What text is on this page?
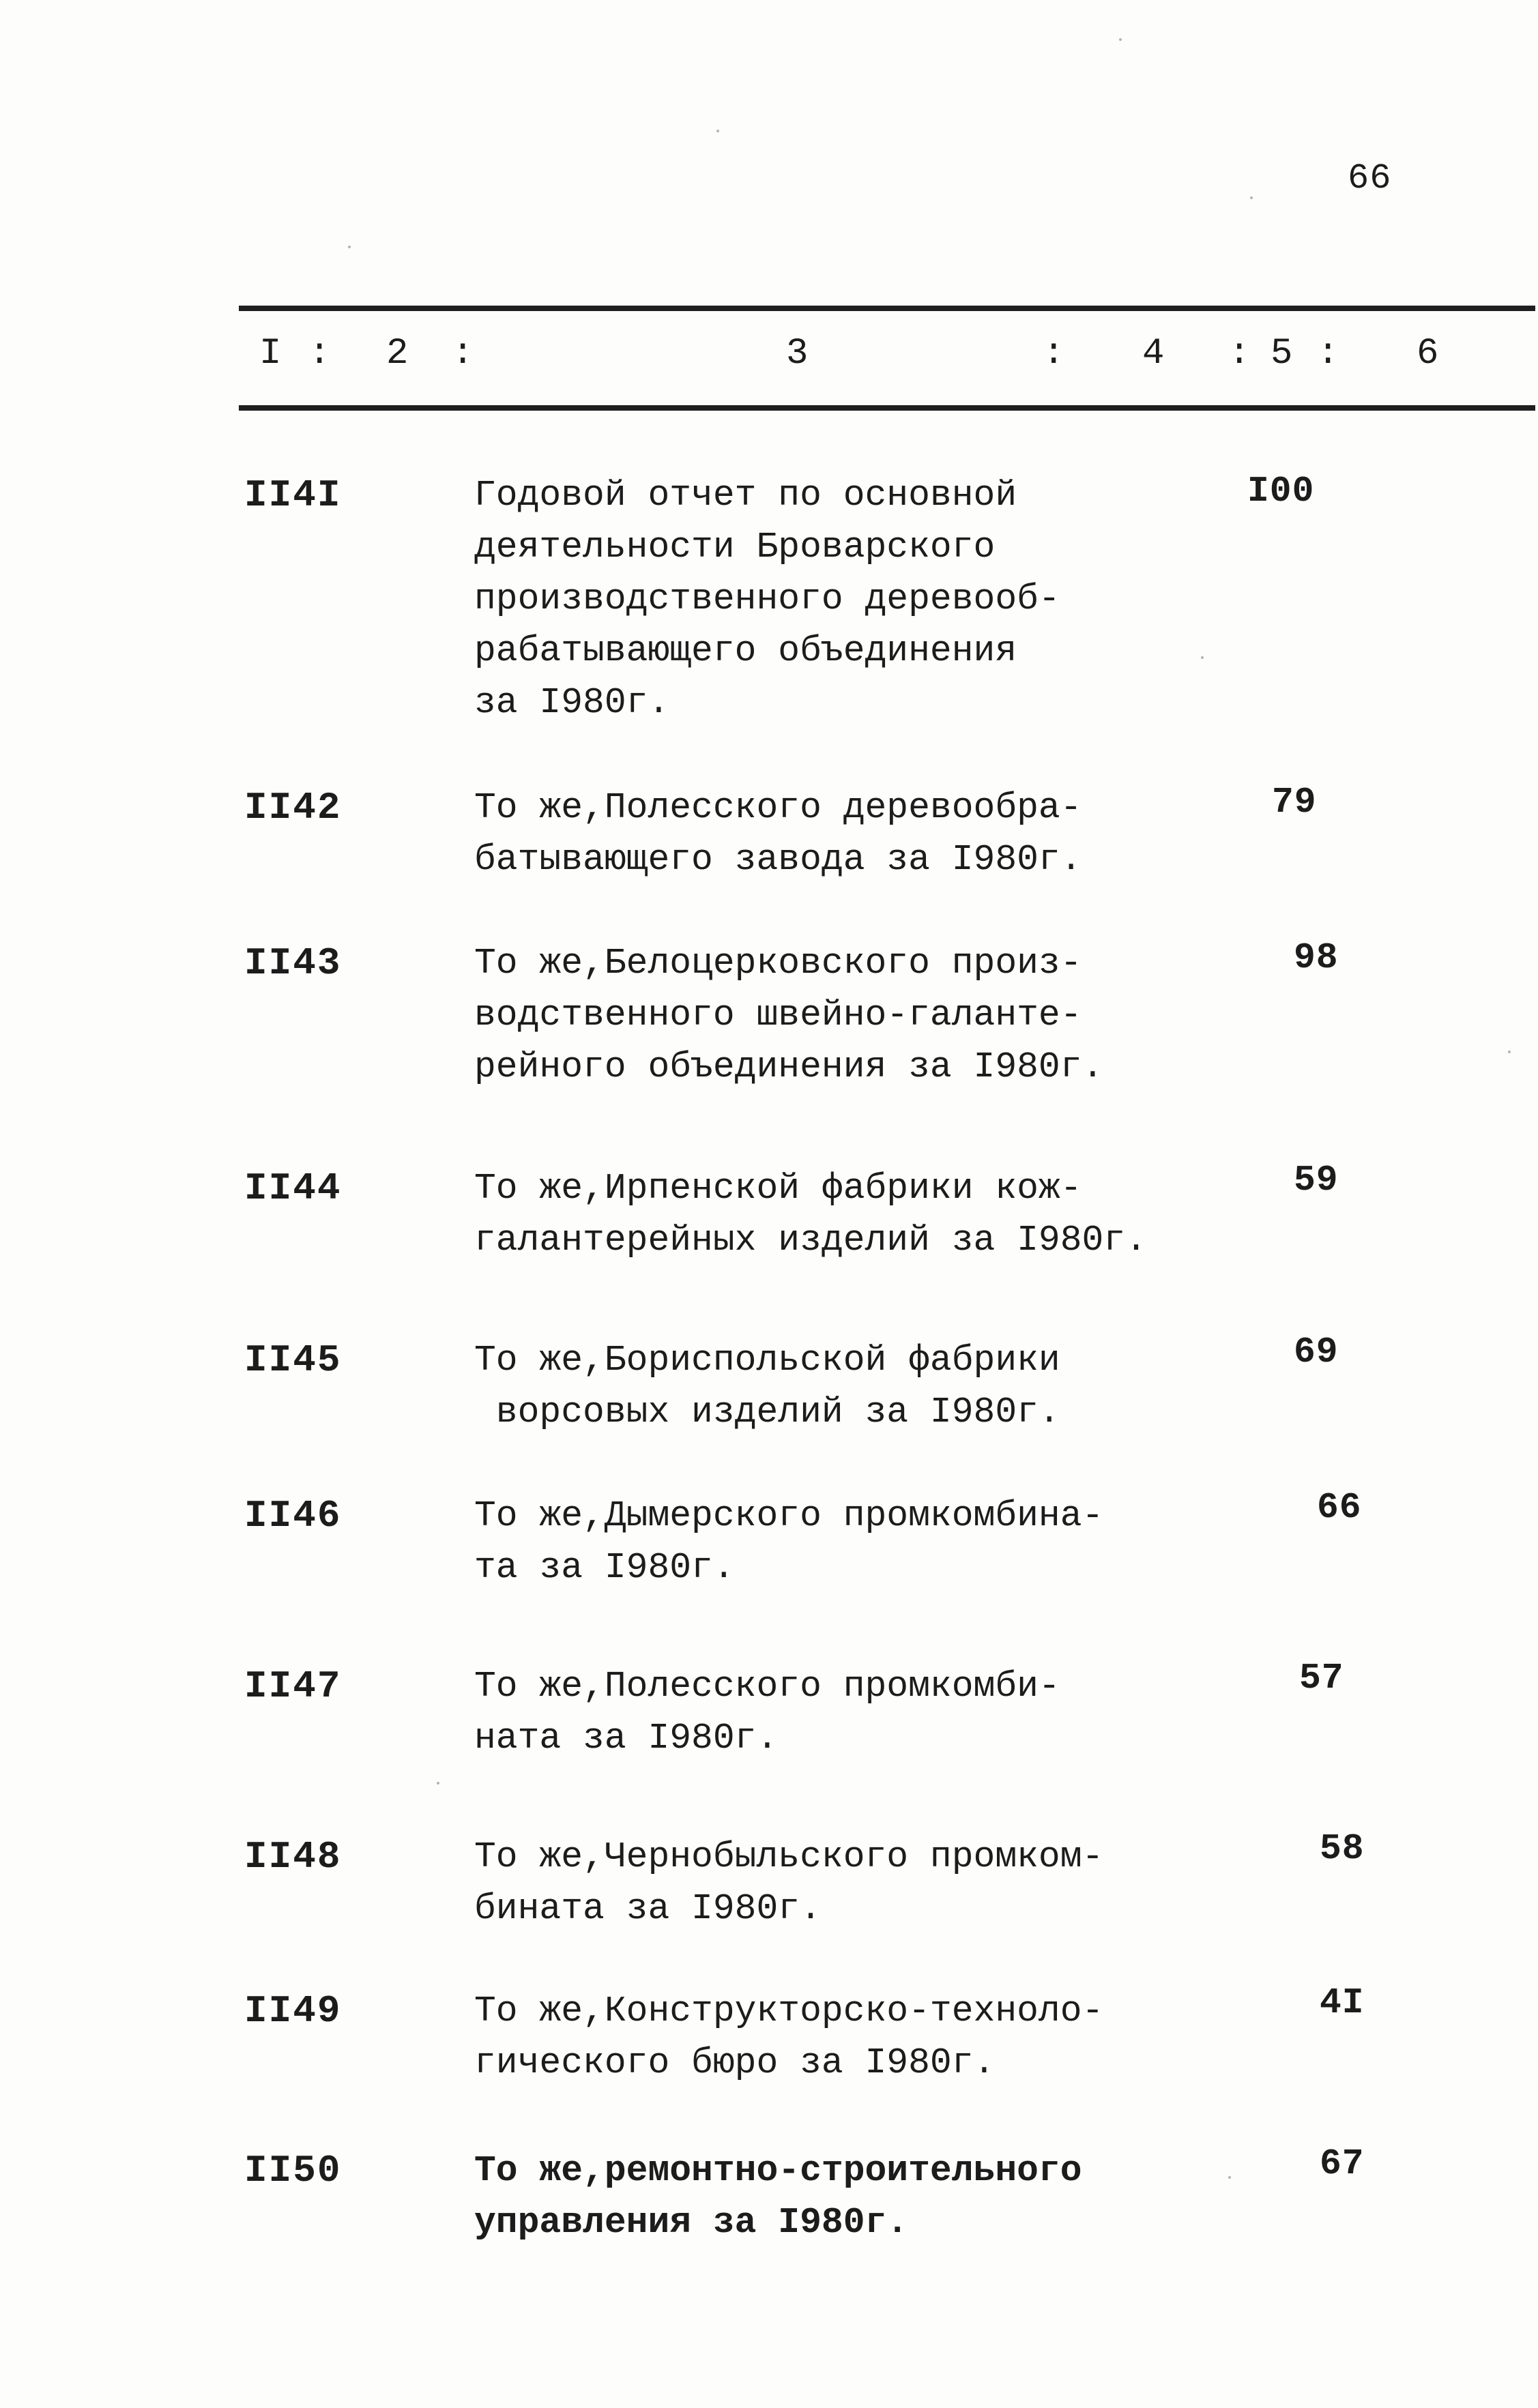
66
I : 2 :	3	: 4 : 5 : 6
II4I	Годовой отчет по основной
деятельности Броварского
производственного деревооб-
рабатывающего объединения
за I980г.
I00
II42	То же,Полесского деревообра-
батывающего завода за I980г.
79
II43	То же,Белоцерковского произ-
водственного швейно-галанте-
рейного объединения за I980г.
98
II44	То же,Ирпенской фабрики кож-
галантерейных изделий за I980г.
59
II45	То же,Бориспольской фабрики
ворсовых изделий за I980г.
69
II46	То же,Дымерского промкомбина-
та за I980г.
66
II47	То же,Полесского промкомби-
ната за I980г.
57
II48	То же,Чернобыльского промком-
бината за I980г.
58
II49	То же,Конструкторско-техноло-
гического бюро за I980г.
4I
II50	То же,ремонтно-строительного
управления за I980г.
67
